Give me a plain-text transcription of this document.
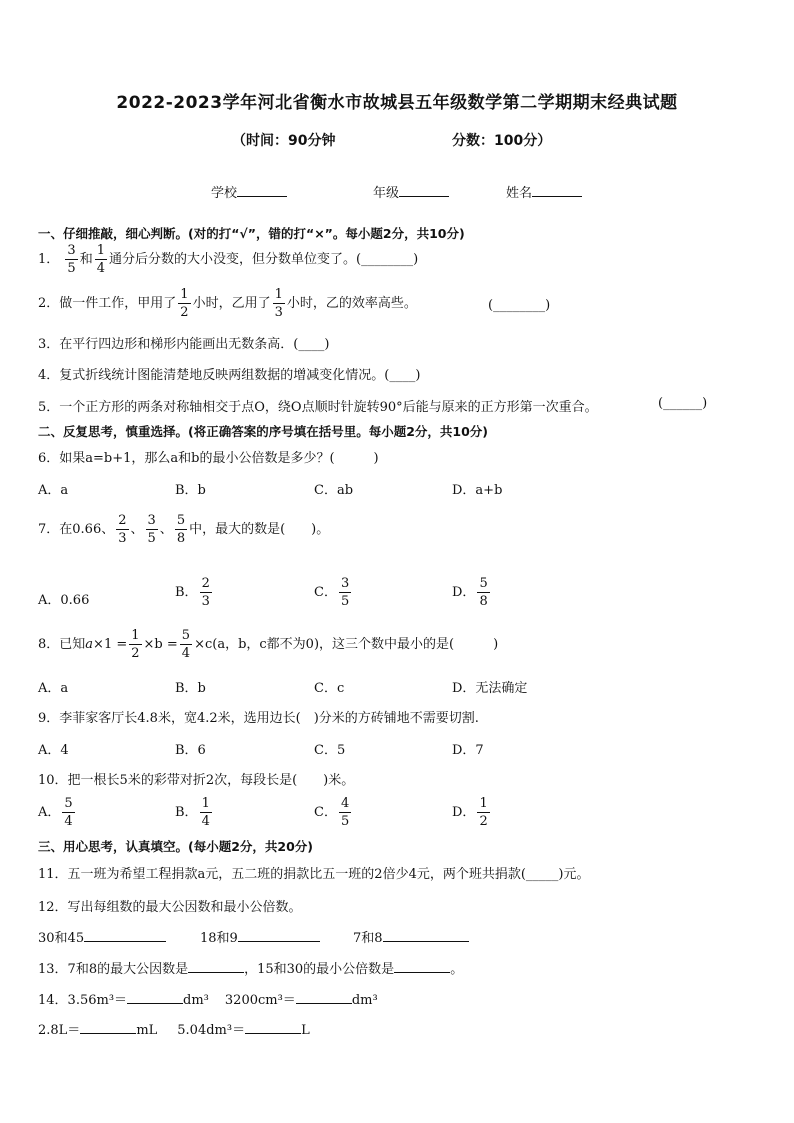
2022-2023学年河北省衡水市故城县五年级数学第二学期期末经典试题
（时间：90分钟	分数：100分）
学校	年级	姓名
一、仔细推敲，细心判断。(对的打“√”，错的打“×”。每小题2分，共10分)
1． $\frac{3}{5}$ 和 $\frac{1}{4}$ 通分后分数的大小没变，但分数单位变了。(________)
2．做一件工作，甲用了 $\frac{1}{2}$ 小时，乙用了 $\frac{1}{3}$ 小时，乙的效率高些。	(________)
3．在平行四边形和梯形内能画出无数条高．(____)
4．复式折线统计图能清楚地反映两组数据的增减变化情况。(____)
5．一个正方形的两条对称轴相交于点O，绕O点顺时针旋转90°后能与原来的正方形第一次重合。	(______)
二、反复思考，慎重选择。(将正确答案的序号填在括号里。每小题2分，共10分)
6．如果a=b+1，那么a和b的最小公倍数是多少？(　　　)
A．a	B．b	C．ab	D．a+b
7．在0.66、 $\frac{2}{3}$ 、 $\frac{3}{5}$ 、 $\frac{5}{8}$ 中，最大的数是(　　)。
A．0.66
B． $\frac{2}{3}$	C． $\frac{3}{5}$	D． $\frac{5}{8}$
8．已知$a\times 1 = \frac{1}{2} \times b = \frac{5}{4} \times c(a$，b，c都不为0)，这三个数中最小的是(　　　)
A．a	B．b	C．c	D．无法确定
9．李菲家客厅长4.8米，宽4.2米，选用边长(　)分米的方砖铺地不需要切割.
A．4	B．6	C．5	D．7
10．把一根长5米的彩带对折2次，每段长是(　　)米。
A． $\frac{5}{4}$	B． $\frac{1}{4}$	C． $\frac{4}{5}$	D． $\frac{1}{2}$
三、用心思考，认真填空。(每小题2分，共20分)
11．五一班为希望工程捐款a元，五二班的捐款比五一班的2倍少4元，两个班共捐款(_____)元。
12．写出每组数的最大公因数和最小公倍数。
30和45	18和9	7和8
13．7和8的最大公因数是	，15和30的最小公倍数是	。
14．3.56m³＝	dm³ 3200cm³＝	dm³
2.8L＝	mL 5.04dm³＝	L
